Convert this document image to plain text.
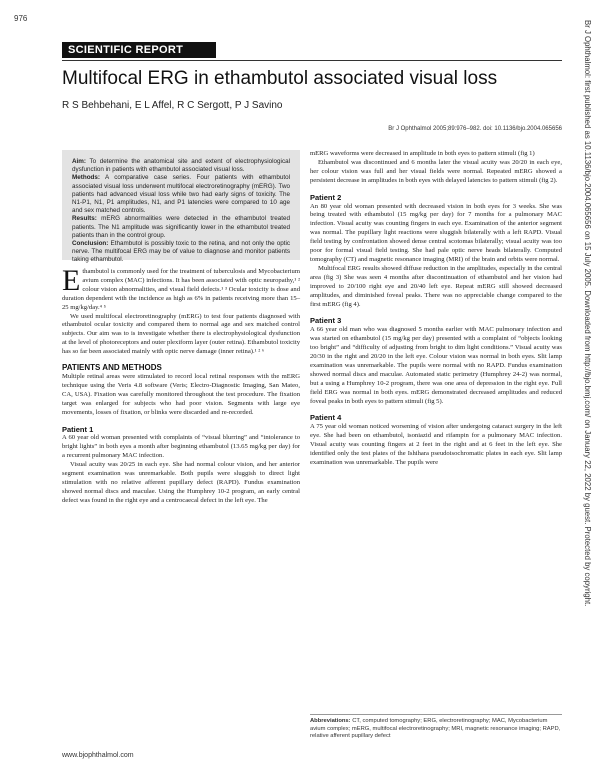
976
SCIENTIFIC REPORT
Multifocal ERG in ethambutol associated visual loss
R S Behbehani, E L Affel, R C Sergott, P J Savino
Br J Ophthalmol 2005;89:976–982. doi: 10.1136/bjo.2004.065656

Aim: To determine the anatomical site and extent of electrophysiological dysfunction in patients with ethambutol associated visual loss.

Methods: A comparative case series. Four patients with ethambutol associated visual loss underwent multifocal electroretinography (mERG). Two patients had advanced visual loss while two had early signs of toxicity. The N1-P1, N1, P1 amplitudes, N1, and P1 latencies were compared to 10 age and sex matched controls.

Results: mERG abnormalities were detected in the ethambutol treated patients. The N1 amplitude was significantly lower in the ethambutol treated patients than in the control group.

Conclusion: Ethambutol is possibly toxic to the retina, and not only the optic nerve. The multifocal ERG may be of value to diagnose and monitor patients taking ethambutol.

Ethambutol is commonly used for the treatment of tuberculosis and Mycobacterium avium complex (MAC) infections. It has been associated with optic neuropathy,¹ ² colour vision abnormalities, and visual field defects.¹ ³ Ocular toxicity is dose and duration dependent with the incidence as high as 6% in patients receiving more than 15–25 mg/kg/day.⁴ ⁵

We used multifocal electroretinography (mERG) to test four patients diagnosed with ethambutol ocular toxicity and compared them to normal age and sex matched control subjects. Our aim was to is investigate whether there is electrophysiological dysfunction at the level of photoreceptors and outer plexiform layer (outer retina). Ethambutol toxicity has so far been associated mainly with optic nerve damage (inner retina).¹ ² ⁶

PATIENTS AND METHODS

Multiple retinal areas were stimulated to record local retinal responses with the mERG technique using the Veris 4.8 software (Veris; Electro-Diagnostic Imaging, San Mateo, CA, USA). Fixation was carefully monitored throughout the test procedure. The fixation target was enlarged for subjects who had poor vision. Segments with large eye movements, losses of fixation, or blinks were discarded and re-recorded.

Patient 1

A 60 year old woman presented with complaints of “visual blurring” and “intolerance to bright lights” in both eyes a month after beginning ethambutol (13.65 mg/kg per day) for a recurrent pulmonary MAC infection.

Visual acuity was 20/25 in each eye. She had normal colour vision, and her anterior segment examination was unremarkable. Both pupils were sluggish to direct light stimulation with no relative afferent pupillary defect (RAPD). Fundus examination showed normal discs and maculae. Using the Humphrey 10-2 program, an early central defect was found in the right eye and a centrocaecal defect in the left eye. The

mERG waveforms were decreased in amplitude in both eyes to pattern stimuli (fig 1)

Ethambutol was discontinued and 6 months later the visual acuity was 20/20 in each eye, her colour vision was full and her visual fields were normal. Repeated mERG showed a persistent decrease in amplitudes in both eyes with delayed latencies to pattern stimuli (fig 2).

Patient 2

An 80 year old woman presented with decreased vision in both eyes for 3 weeks. She was being treated with ethambutol (15 mg/kg per day) for 7 months for a pulmonary MAC infection. Visual acuity was counting fingers in each eye. Examination of the anterior segment was normal. The pupillary light reactions were sluggish bilaterally with a left RAPD. Visual field testing by confrontation showed dense central scotomas bilaterally; visual acuity was too poor for formal visual field testing. She had pale optic nerve heads bilaterally. Computed tomography (CT) and magnetic resonance imaging (MRI) of the brain and orbits were normal.

Multifocal ERG results showed diffuse reduction in the amplitudes, especially in the central area (fig 3) She was seen 4 months after discontinuation of ethambutol and her vision had improved to 20/100 right eye and 20/40 left eye. Repeat mERG still showed decreased amplitudes, and diminished foveal peaks. There was no appreciable change compared to the first mERG (fig 4).

Patient 3

A 66 year old man who was diagnosed 5 months earlier with MAC pulmonary infection and was started on ethambutol (15 mg/kg per day) presented with a complaint of “objects looking too bright” and “difficulty of adjusting from bright to dim light conditions.” Visual acuity was 20/30 in the right and 20/20 in the left eye. Colour vision was normal in both eyes. Slit lamp examination was unremarkable. The pupils were normal with no RAPD. Fundus examination showed normal discs and maculae. Automated static perimetry (Humphrey 24-2) was normal, but a using a Humphrey 10-2 program, there was one area of depression in the right eye. Full field ERG was normal in both eyes. mERG demonstrated decreased amplitudes and reduced foveal peaks in both eyes to pattern stimuli (fig 5).

Patient 4

A 75 year old woman noticed worsening of vision after undergoing cataract surgery in the left eye. She had been on ethambutol, isoniazid and rifampin for a pulmonary MAC infection. Visual acuity was counting fingers at 2 feet in the right and at 6 feet in the left eye. She identified only the test plates of the Ishihara pseudoisochromatic plates in each eye. Slit lamp examination was unremarkable. The pupils were

Abbreviations: CT, computed tomography; ERG, electroretinography; MAC, Mycobacterium avium complex; mERG, multifocal electroretinography; MRI, magnetic resonance imaging; RAPD, relative afferent pupillary defect
www.bjophthalmol.com
Br J Ophthalmol: first published as 10.1136/bjo.2004.065656 on 15 July 2005. Downloaded from http://bjo.bmj.com/ on January 22, 2022 by guest. Protected by copyright.
